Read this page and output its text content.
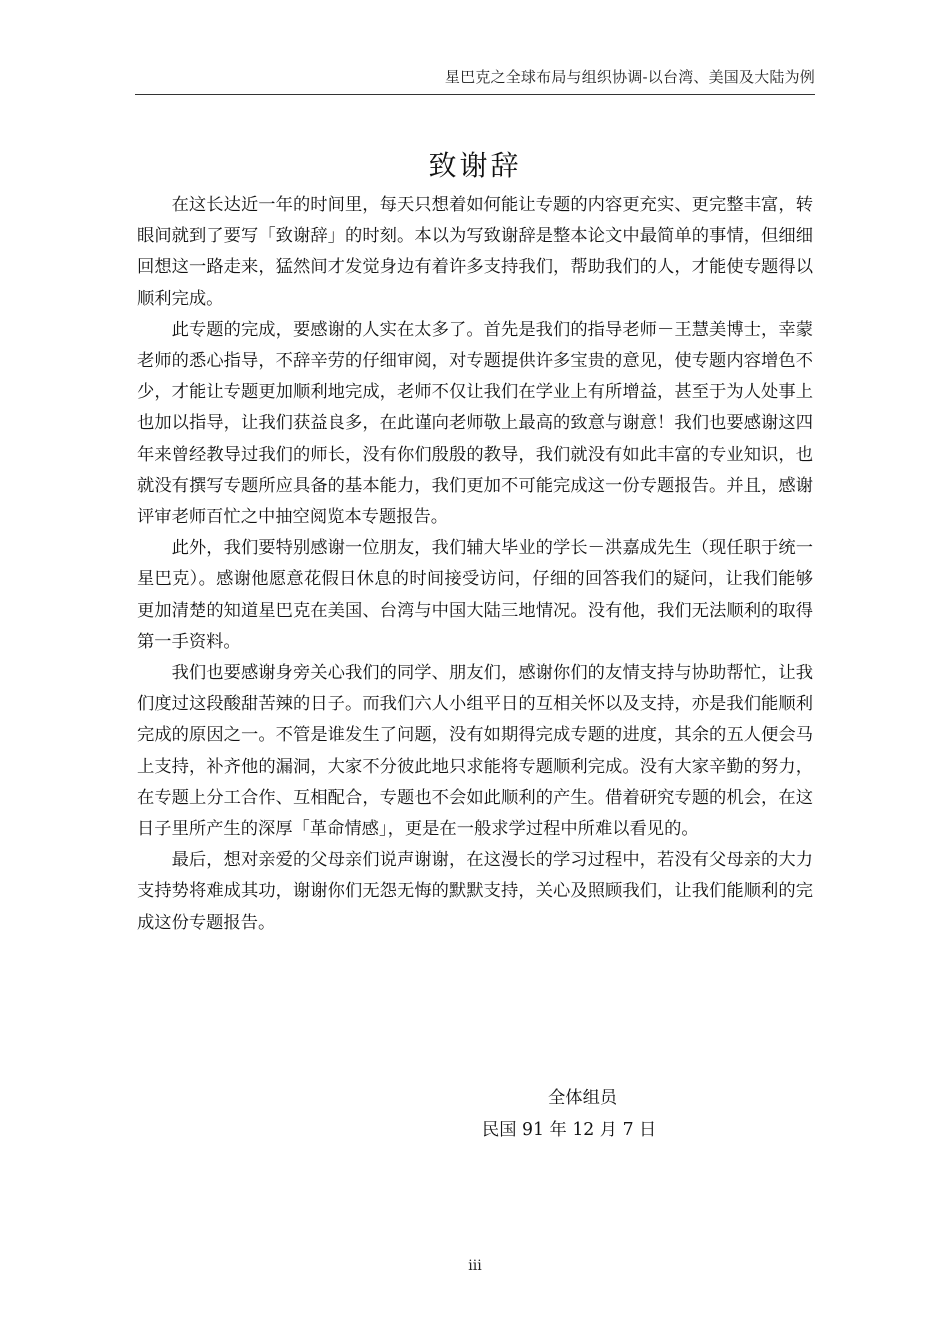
星巴克之全球布局与组织协调-以台湾、美国及大陆为例
致谢辞

在这长达近一年的时间里，每天只想着如何能让专题的内容更充实、更完整丰富，转眼间就到了要写「致谢辞」的时刻。本以为写致谢辞是整本论文中最简单的事情，但细细回想这一路走来，猛然间才发觉身边有着许多支持我们，帮助我们的人，才能使专题得以顺利完成。

此专题的完成，要感谢的人实在太多了。首先是我们的指导老师－王慧美博士，幸蒙老师的悉心指导，不辞辛劳的仔细审阅，对专题提供许多宝贵的意见，使专题内容增色不少，才能让专题更加顺利地完成，老师不仅让我们在学业上有所增益，甚至于为人处事上也加以指导，让我们获益良多，在此谨向老师敬上最高的致意与谢意！我们也要感谢这四年来曾经教导过我们的师长，没有你们殷殷的教导，我们就没有如此丰富的专业知识，也就没有撰写专题所应具备的基本能力，我们更加不可能完成这一份专题报告。并且，感谢评审老师百忙之中抽空阅览本专题报告。

此外，我们要特别感谢一位朋友，我们辅大毕业的学长－洪嘉成先生（现任职于统一星巴克）。感谢他愿意花假日休息的时间接受访问，仔细的回答我们的疑问，让我们能够更加清楚的知道星巴克在美国、台湾与中国大陆三地情况。没有他，我们无法顺利的取得第一手资料。

我们也要感谢身旁关心我们的同学、朋友们，感谢你们的友情支持与协助帮忙，让我们度过这段酸甜苦辣的日子。而我们六人小组平日的互相关怀以及支持，亦是我们能顺利完成的原因之一。不管是谁发生了问题，没有如期得完成专题的进度，其余的五人便会马上支持，补齐他的漏洞，大家不分彼此地只求能将专题顺利完成。没有大家辛勤的努力，在专题上分工合作、互相配合，专题也不会如此顺利的产生。借着研究专题的机会，在这日子里所产生的深厚「革命情感」，更是在一般求学过程中所难以看见的。

最后，想对亲爱的父母亲们说声谢谢，在这漫长的学习过程中，若没有父母亲的大力支持势将难成其功，谢谢你们无怨无悔的默默支持，关心及照顾我们，让我们能顺利的完成这份专题报告。

全体组员
民国 91 年 12 月 7 日
iii
